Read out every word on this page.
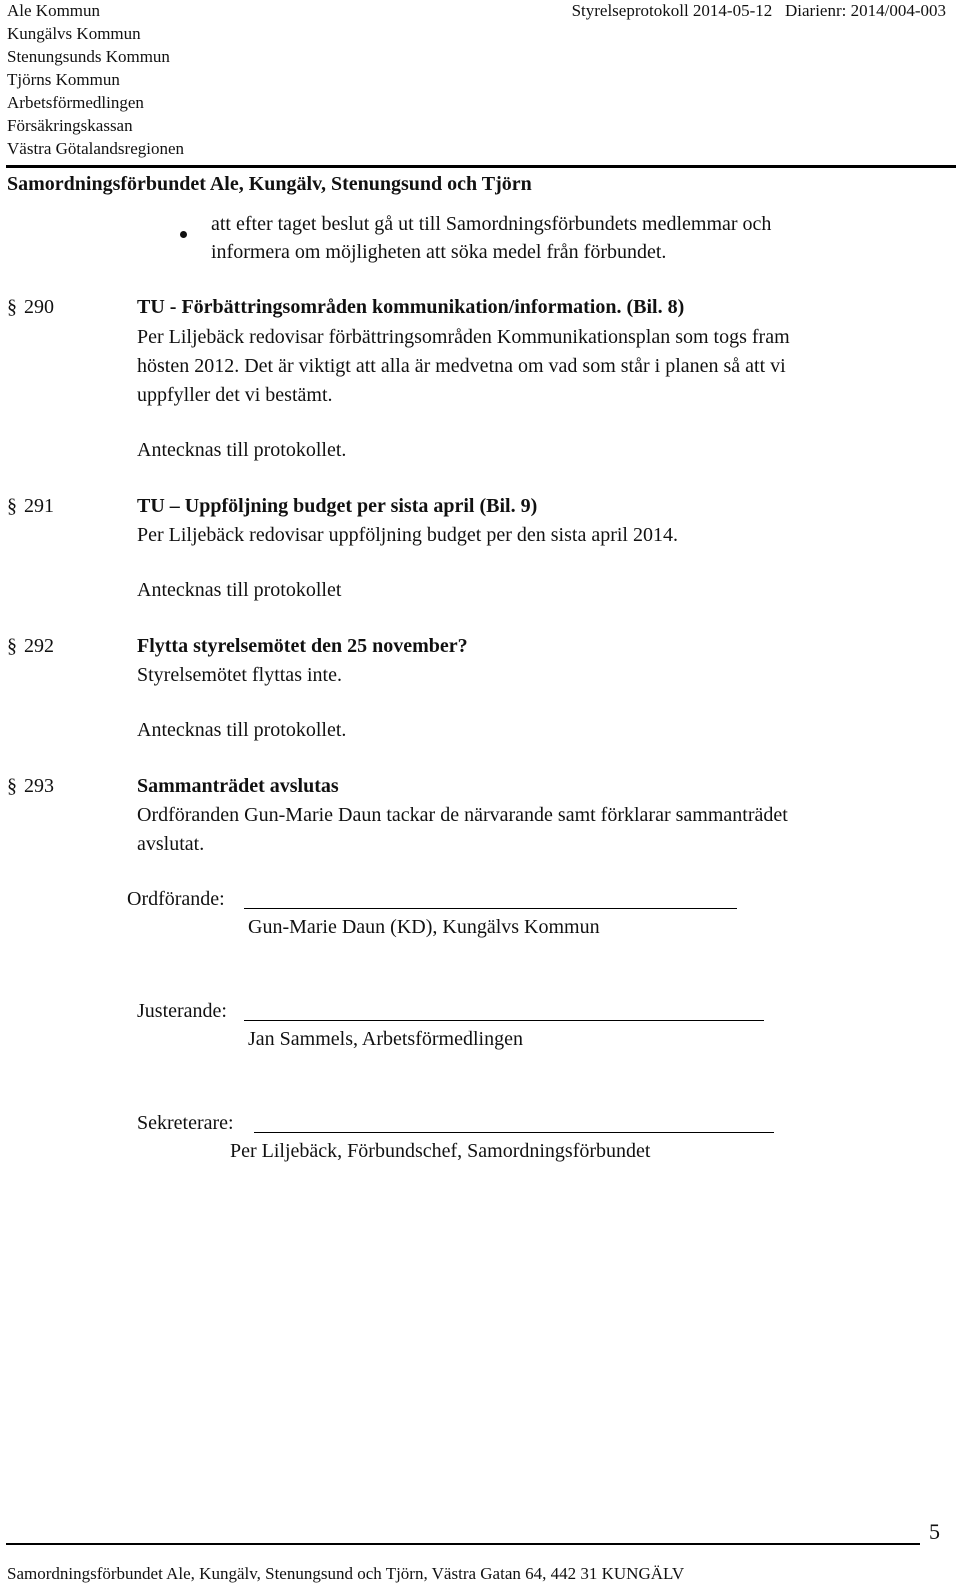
Ale Kommun
Kungälvs Kommun
Stenungsunds Kommun
Tjörns Kommun
Arbetsförmedlingen
Försäkringskassan
Västra Götalandsregionen
Styrelseprotokoll 2014-05-12   Diarienr: 2014/004-003
Samordningsförbundet Ale, Kungälv, Stenungsund och Tjörn
att efter taget beslut gå ut till Samordningsförbundets medlemmar och
informera om möjligheten att söka medel från förbundet.
§ 290	TU - Förbättringsområden kommunikation/information. (Bil. 8)
Per Liljebäck redovisar förbättringsområden Kommunikationsplan som togs fram
hösten 2012. Det är viktigt att alla är medvetna om vad som står i planen så att vi
uppfyller det vi bestämt.
Antecknas till protokollet.
§ 291	TU – Uppföljning budget per sista april (Bil. 9)
Per Liljebäck redovisar uppföljning budget per den sista april 2014.
Antecknas till protokollet
§ 292	Flytta styrelsemötet den 25 november?
Styrelsemötet flyttas inte.
Antecknas till protokollet.
§ 293	Sammanträdet avslutas
Ordföranden Gun-Marie Daun tackar de närvarande samt förklarar sammanträdet
avslutat.
Ordförande:
Gun-Marie Daun (KD), Kungälvs Kommun
Justerande:
Jan Sammels, Arbetsförmedlingen
Sekreterare:
Per Liljebäck, Förbundschef, Samordningsförbundet
5
Samordningsförbundet Ale, Kungälv, Stenungsund och Tjörn, Västra Gatan 64, 442 31 KUNGÄLV
